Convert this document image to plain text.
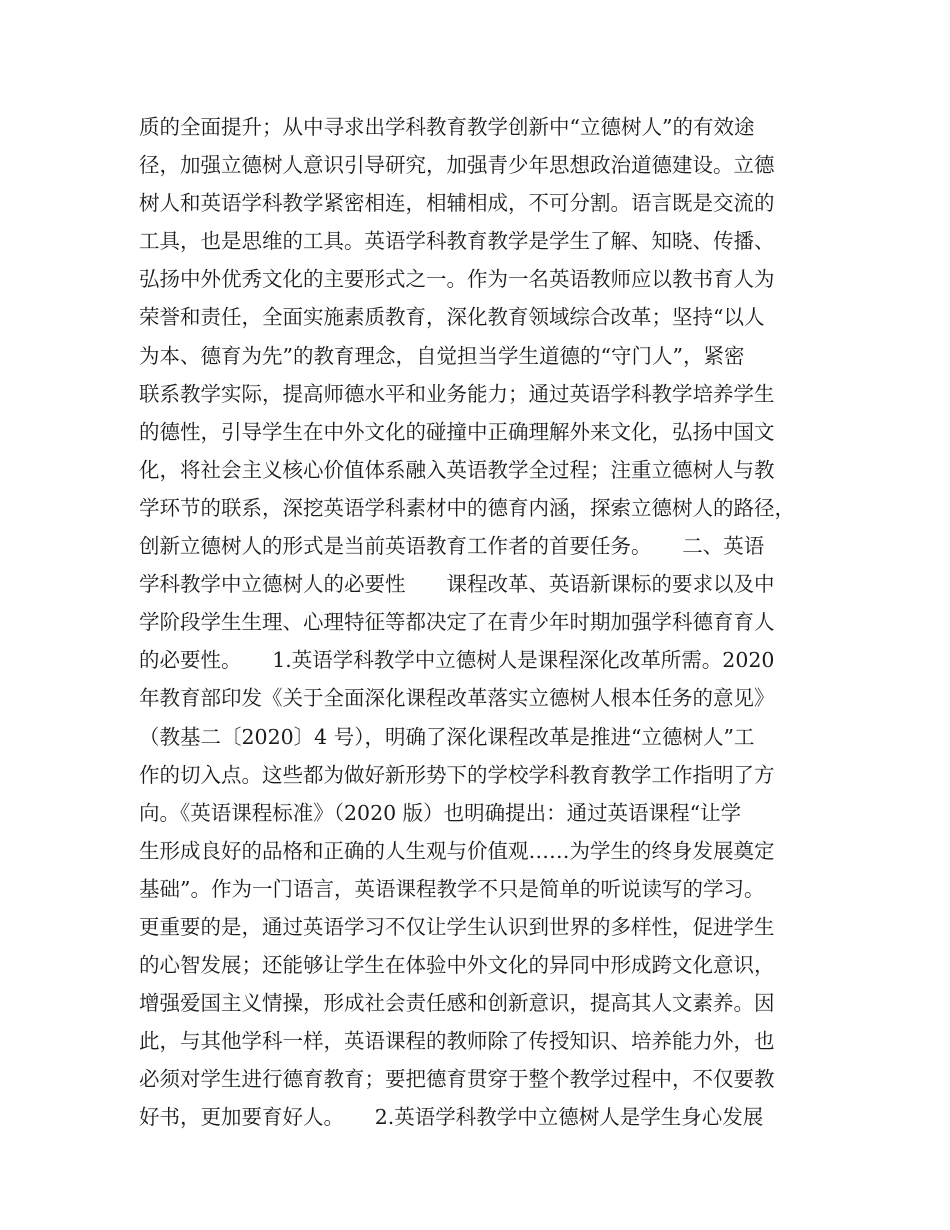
质的全面提升；从中寻求出学科教育教学创新中“立德树人”的有效途
径，加强立德树人意识引导研究，加强青少年思想政治道德建设。立德
树人和英语学科教学紧密相连，相辅相成，不可分割。语言既是交流的
工具，也是思维的工具。英语学科教育教学是学生了解、知晓、传播、
弘扬中外优秀文化的主要形式之一。作为一名英语教师应以教书育人为
荣誉和责任，全面实施素质教育，深化教育领域综合改革；坚持“以人
为本、德育为先”的教育理念，自觉担当学生道德的“守门人”，紧密
联系教学实际，提高师德水平和业务能力；通过英语学科教学培养学生
的德性，引导学生在中外文化的碰撞中正确理解外来文化，弘扬中国文
化，将社会主义核心价值体系融入英语教学全过程；注重立德树人与教
学环节的联系，深挖英语学科素材中的德育内涵，探索立德树人的路径，
创新立德树人的形式是当前英语教育工作者的首要任务。　　二、英语
学科教学中立德树人的必要性　　课程改革、英语新课标的要求以及中
学阶段学生生理、心理特征等都决定了在青少年时期加强学科德育育人
的必要性。　　1.英语学科教学中立德树人是课程深化改革所需。2020
年教育部印发《关于全面深化课程改革落实立德树人根本任务的意见》
（教基二〔2020〕4 号），明确了深化课程改革是推进“立德树人”工
作的切入点。这些都为做好新形势下的学校学科教育教学工作指明了方
向。《英语课程标准》（2020 版）也明确提出：通过英语课程“让学
生形成良好的品格和正确的人生观与价值观……为学生的终身发展奠定
基础”。作为一门语言，英语课程教学不只是简单的听说读写的学习。
更重要的是，通过英语学习不仅让学生认识到世界的多样性，促进学生
的心智发展；还能够让学生在体验中外文化的异同中形成跨文化意识，
增强爱国主义情操，形成社会责任感和创新意识，提高其人文素养。因
此，与其他学科一样，英语课程的教师除了传授知识、培养能力外，也
必须对学生进行德育教育；要把德育贯穿于整个教学过程中，不仅要教
好书，更加要育好人。　　2.英语学科教学中立德树人是学生身心发展
